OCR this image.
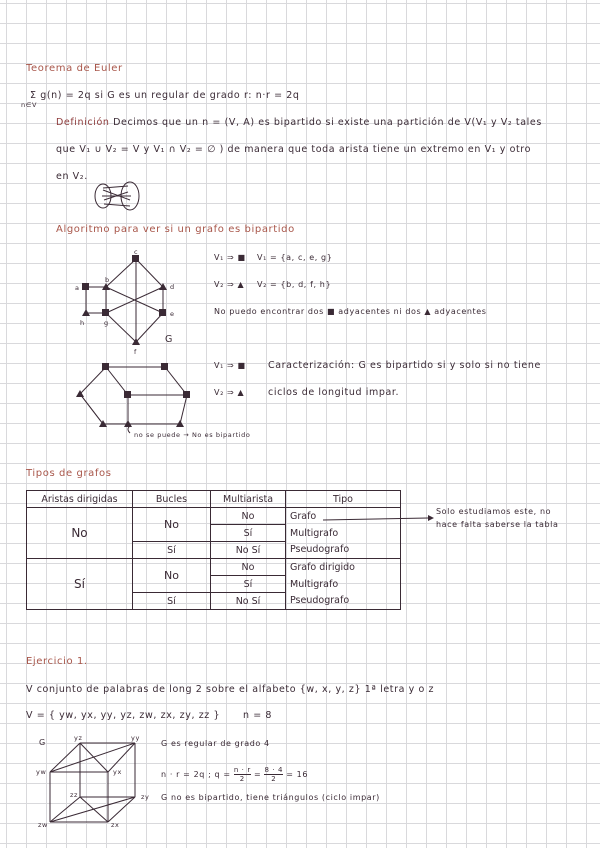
Teorema de Euler
Σ g(n) = 2q si G es un regular de grado r: n·r = 2q
n∈V
Definición Decimos que un n = (V, A) es bipartido si existe una partición de V(V₁ y V₂ tales
que V₁ ∪ V₂ = V y V₁ ∩ V₂ = ∅ ) de manera que toda arista tiene un extremo en V₁ y otro
en V₂.
Algoritmo para ver si un grafo es bipartido
a
b
c
d
e
f
g
h
G
V₁ ⇒ ■ V₁ = {a, c, e, g}
V₂ ⇒ ▲ V₂ = {b, d, f, h}
No puedo encontrar dos ■ adyacentes ni dos ▲ adyacentes
V₁ ⇒ ■
V₂ ⇒ ▲
Caracterización: G es bipartido si y solo si no tiene
ciclos de longitud impar.
no se puede → No es bipartido
Tipos de grafos
Aristas dirigidas	Bucles	Multiarista	Tipo
No	No	No	Grafo
		Sí	Multigrafo
	Sí	No Sí	Pseudografo
Sí	No	No	Grafo dirigido
		Sí	Multigrafo
	Sí	No Sí	Pseudografo
Solo estudiamos este, no
hace falta saberse la tabla
Ejercicio 1.
V conjunto de palabras de long 2 sobre el alfabeto {w, x, y, z} 1ª letra y o z
V = { yw, yx, yy, yz, zw, zx, zy, zz } n = 8
G es regular de grado 4
n · r = 2q ; $q = \frac{n \cdot r}{2} = \frac{8 \cdot 4}{2} = 16$
G no es bipartido, tiene triángulos (ciclo impar)
G	yz	yy
yw	yx
zz	zy
zw	zx
